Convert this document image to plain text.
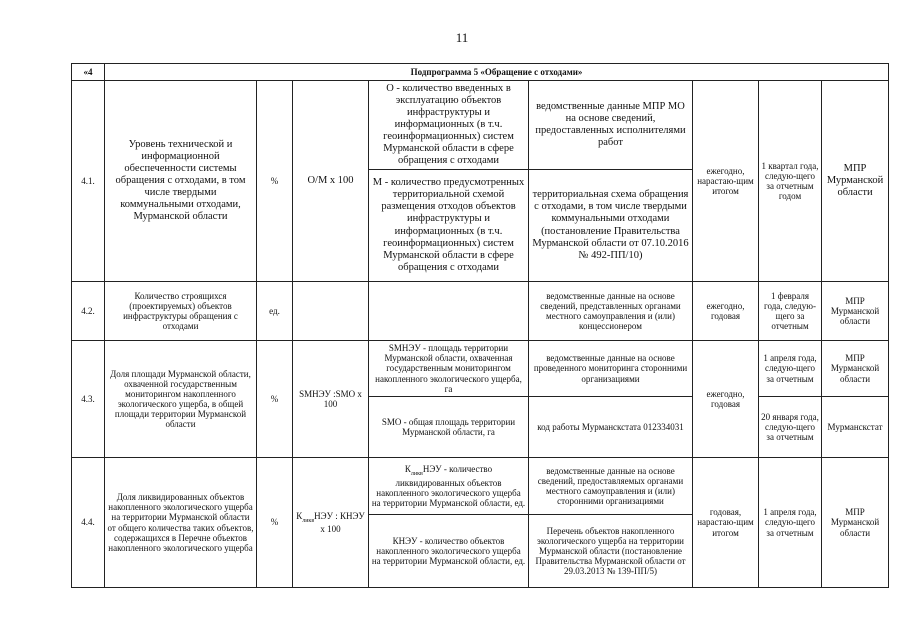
11
«4	Подпрограмма 5 «Обращение с отходами»							
4.1.	Уровень технической и информационной обеспеченности системы обращения с отходами, в том числе твердыми коммунальными отходами, Мурманской области	%	О/М х 100	О - количество введенных в эксплуатацию объектов инфраструктуры и информационных (в т.ч. геоинформационных) систем Мурманской области в сфере обращения с отходами	ведомственные данные МПР МО на основе сведений, предоставленных исполнителями работ	ежегодно, нарастаю-щим итогом	1 квартал года, следую-щего за отчетным годом	МПР Мурманской области
				М - количество предусмотренных территориальной схемой размещения отходов объектов инфраструктуры и информационных (в т.ч. геоинформационных) систем Мурманской области в сфере обращения с отходами	территориальная схема обращения с отходами, в том числе твердыми коммунальными отходами (постановление Правительства Мурманской области от 07.10.2016 № 492-ПП/10)			
4.2.	Количество строящихся (проектируемых) объектов инфраструктуры обращения с отходами	ед.			ведомственные данные на основе сведений, представленных органами местного самоуправления и (или) концессионером	ежегодно, годовая	1 февраля года, следую-щего за отчетным	МПР Мурманской области
4.3.	Доля площади Мурманской области, охваченной государственным мониторингом накопленного экологического ущерба, в общей площади территории Мурманской области	%	SМНЭУ :SМО х 100	SМНЭУ - площадь территории Мурманской области, охваченная государственным мониторингом накопленного экологического ущерба, га	ведомственные данные на основе проведенного мониторинга сторонними организациями	ежегодно, годовая	1 апреля года, следую-щего за отчетным	МПР Мурманской области
				SМО - общая площадь территории Мурманской области, га	код работы Мурманскстата 012334031		20 января года, следую-щего за отчетным	Мурманскстат
4.4.	Доля ликвидированных объектов накопленного экологического ущерба на территории Мурманской области от общего количества таких объектов, содержащихся в Перечне объектов накопленного экологического ущерба	%	$К_{ликв}НЭУ$ : КНЭУ х 100	$К_{ликв}НЭУ$ - количество ликвидированных объектов накопленного экологического ущерба на территории Мурманской области, ед.	ведомственные данные на основе сведений, предоставляемых органами местного самоуправления и (или) сторонними организациями	годовая, нарастаю-щим итогом	1 апреля года, следую-щего за отчетным	МПР Мурманской области
				КНЭУ - количество объектов накопленного экологического ущерба на территории Мурманской области, ед.	Перечень объектов накопленного экологического ущерба на территории Мурманской области (постановление Правительства Мурманской области от 29.03.2013 № 139-ПП/5)			
